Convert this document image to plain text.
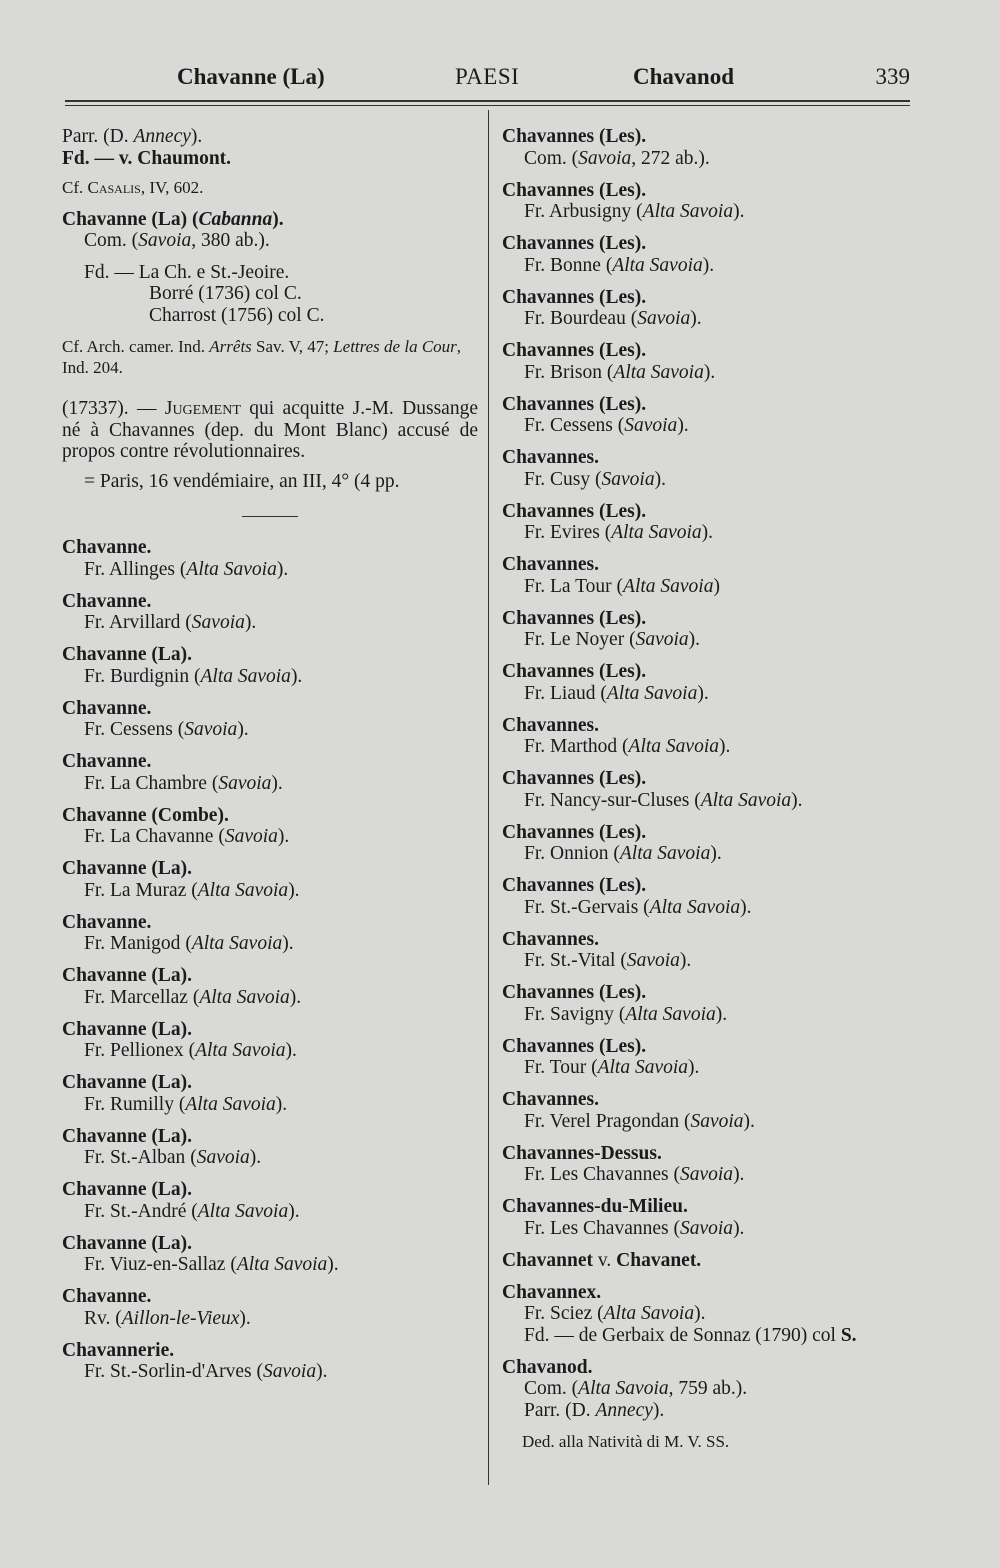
Chavanne (La)	PAESI	Chavanod	339
Parr. (D. Annecy).
Fd. — v. Chaumont.
Cf. Casalis, IV, 602.
Chavanne (La) (Cabanna).
Com. (Savoia, 380 ab.).
Fd. — La Ch. e St.-Jeoire.
Borré (1736) col C.
Charrost (1756) col C.
Cf. Arch. camer. Ind. Arrêts Sav. V, 47; Lettres de la Cour, Ind. 204.
(17337). — Jugement qui acquitte J.-M. Dussange né à Chavannes (dep. du Mont Blanc) accusé de propos contre révolutionnaires.
= Paris, 16 vendémiaire, an III, 4° (4 pp.
Chavanne.
Fr. Allinges (Alta Savoia).
Chavanne.
Fr. Arvillard (Savoia).
Chavanne (La).
Fr. Burdignin (Alta Savoia).
Chavanne.
Fr. Cessens (Savoia).
Chavanne.
Fr. La Chambre (Savoia).
Chavanne (Combe).
Fr. La Chavanne (Savoia).
Chavanne (La).
Fr. La Muraz (Alta Savoia).
Chavanne.
Fr. Manigod (Alta Savoia).
Chavanne (La).
Fr. Marcellaz (Alta Savoia).
Chavanne (La).
Fr. Pellionex (Alta Savoia).
Chavanne (La).
Fr. Rumilly (Alta Savoia).
Chavanne (La).
Fr. St.-Alban (Savoia).
Chavanne (La).
Fr. St.-André (Alta Savoia).
Chavanne (La).
Fr. Viuz-en-Sallaz (Alta Savoia).
Chavanne.
Rv. (Aillon-le-Vieux).
Chavannerie.
Fr. St.-Sorlin-d'Arves (Savoia).
Chavannes (Les).
Com. (Savoia, 272 ab.).
Chavannes (Les).
Fr. Arbusigny (Alta Savoia).
Chavannes (Les).
Fr. Bonne (Alta Savoia).
Chavannes (Les).
Fr. Bourdeau (Savoia).
Chavannes (Les).
Fr. Brison (Alta Savoia).
Chavannes (Les).
Fr. Cessens (Savoia).
Chavannes.
Fr. Cusy (Savoia).
Chavannes (Les).
Fr. Evires (Alta Savoia).
Chavannes.
Fr. La Tour (Alta Savoia)
Chavannes (Les).
Fr. Le Noyer (Savoia).
Chavannes (Les).
Fr. Liaud (Alta Savoia).
Chavannes.
Fr. Marthod (Alta Savoia).
Chavannes (Les).
Fr. Nancy-sur-Cluses (Alta Savoia).
Chavannes (Les).
Fr. Onnion (Alta Savoia).
Chavannes (Les).
Fr. St.-Gervais (Alta Savoia).
Chavannes.
Fr. St.-Vital (Savoia).
Chavannes (Les).
Fr. Savigny (Alta Savoia).
Chavannes (Les).
Fr. Tour (Alta Savoia).
Chavannes.
Fr. Verel Pragondan (Savoia).
Chavannes-Dessus.
Fr. Les Chavannes (Savoia).
Chavannes-du-Milieu.
Fr. Les Chavannes (Savoia).
Chavannet v. Chavanet.
Chavannex.
Fr. Sciez (Alta Savoia).
Fd. — de Gerbaix de Sonnaz (1790) col S.
Chavanod.
Com. (Alta Savoia, 759 ab.).
Parr. (D. Annecy).
Ded. alla Natività di M. V. SS.
